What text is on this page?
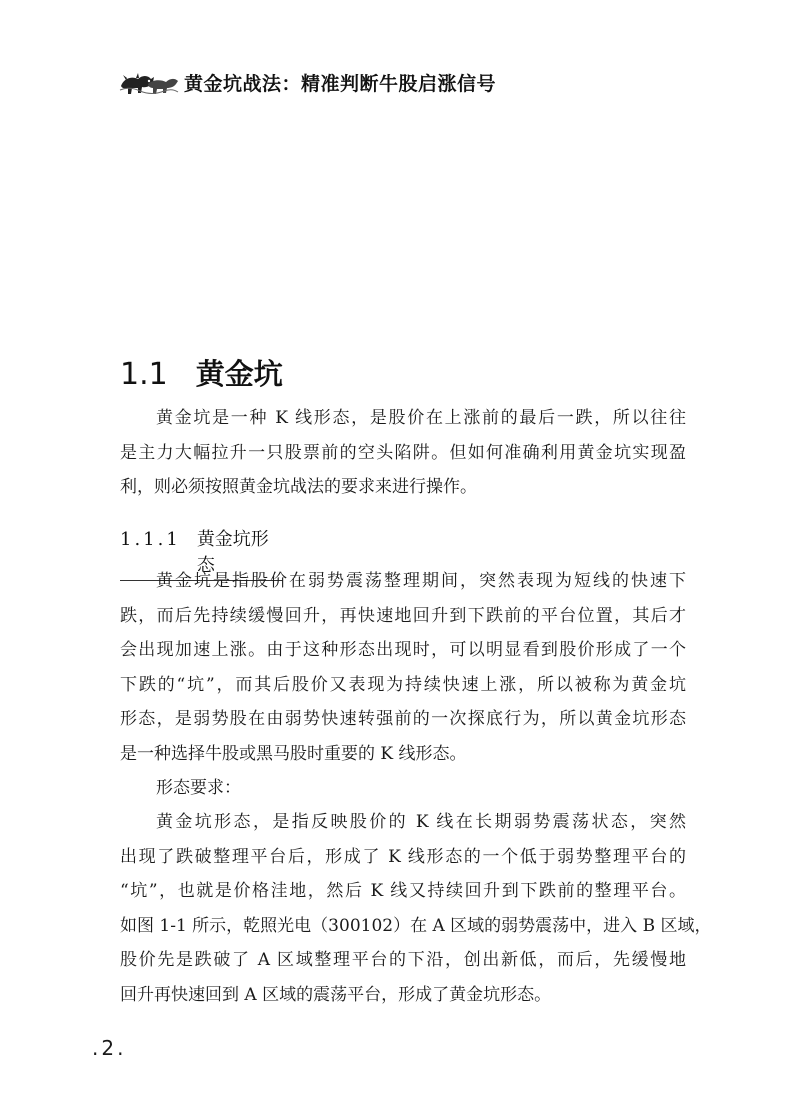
黄金坑战法：精准判断牛股启涨信号
1.1 黄金坑
黄金坑是一种 K 线形态，是股价在上涨前的最后一跌，所以往往
是主力大幅拉升一只股票前的空头陷阱。但如何准确利用黄金坑实现盈
利，则必须按照黄金坑战法的要求来进行操作。
1.1.1 黄金坑形态
黄金坑是指股价在弱势震荡整理期间，突然表现为短线的快速下
跌，而后先持续缓慢回升，再快速地回升到下跌前的平台位置，其后才
会出现加速上涨。由于这种形态出现时，可以明显看到股价形成了一个
下跌的“坑”，而其后股价又表现为持续快速上涨，所以被称为黄金坑
形态，是弱势股在由弱势快速转强前的一次探底行为，所以黄金坑形态
是一种选择牛股或黑马股时重要的 K 线形态。
形态要求：
黄金坑形态，是指反映股价的 K 线在长期弱势震荡状态，突然
出现了跌破整理平台后，形成了 K 线形态的一个低于弱势整理平台的
“坑”，也就是价格洼地，然后 K 线又持续回升到下跌前的整理平台。
如图 1-1 所示，乾照光电（300102）在 A 区域的弱势震荡中，进入 B 区域，
股价先是跌破了 A 区域整理平台的下沿，创出新低，而后，先缓慢地
回升再快速回到 A 区域的震荡平台，形成了黄金坑形态。
.2.
